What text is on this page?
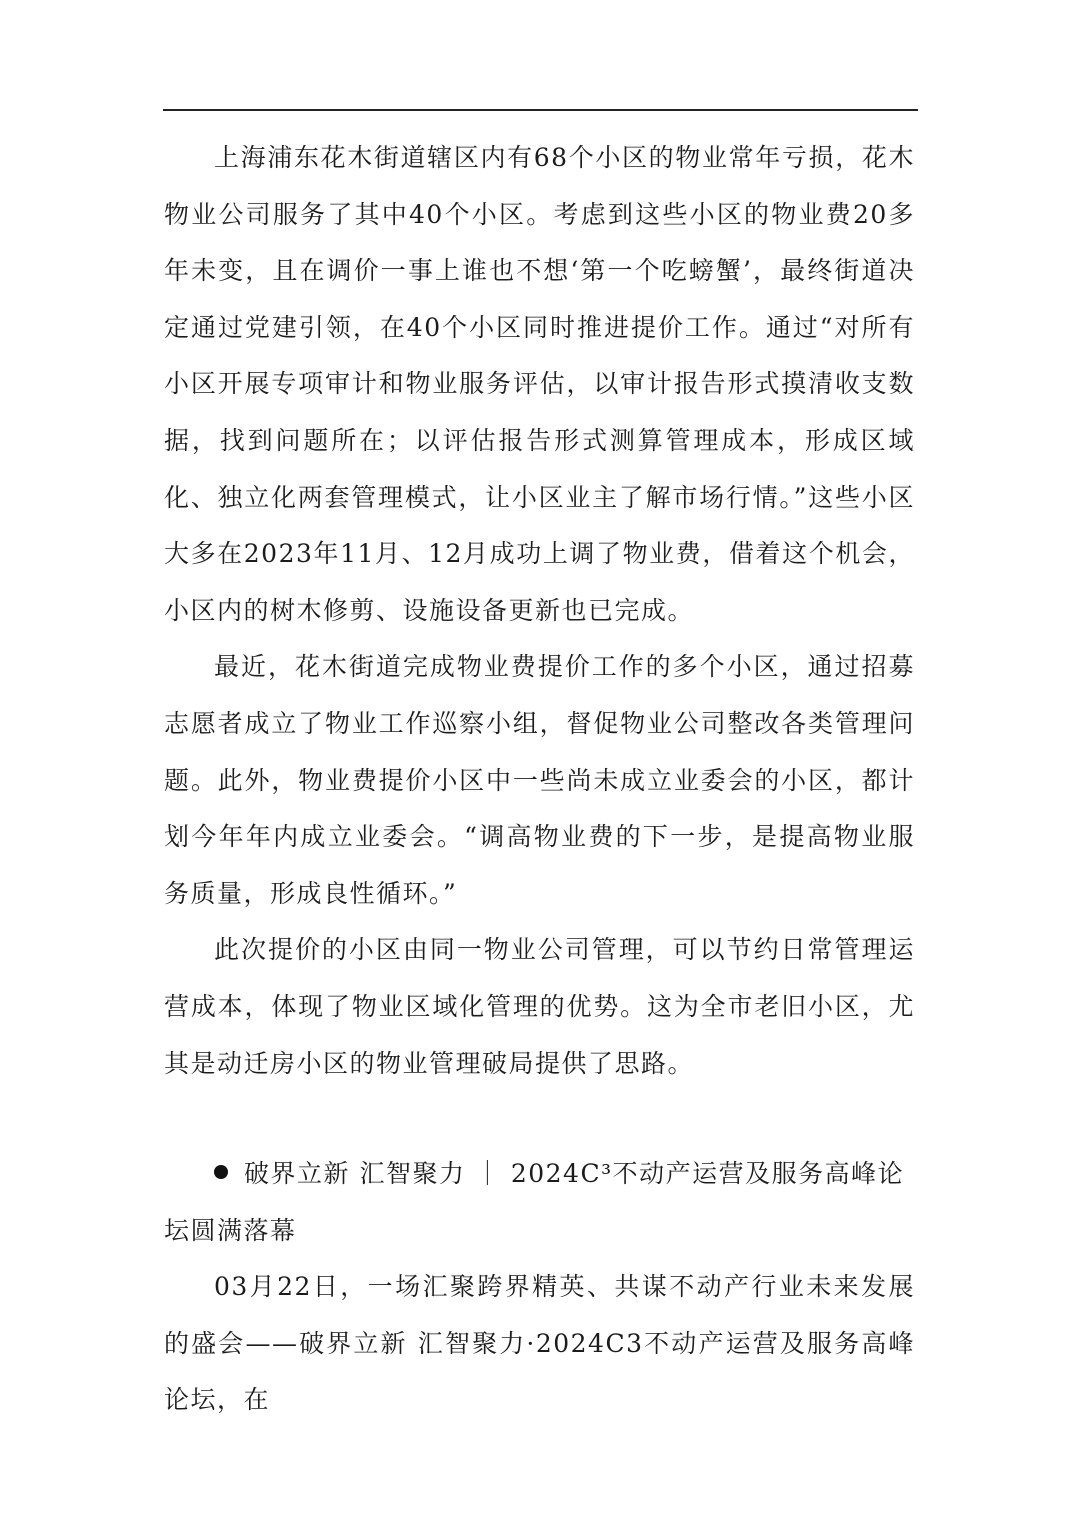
上海浦东花木街道辖区内有68个小区的物业常年亏损，花木物业公司服务了其中40个小区。考虑到这些小区的物业费20多年未变，且在调价一事上谁也不想‘第一个吃螃蟹’，最终街道决定通过党建引领，在40个小区同时推进提价工作。通过“对所有小区开展专项审计和物业服务评估，以审计报告形式摸清收支数据，找到问题所在；以评估报告形式测算管理成本，形成区域化、独立化两套管理模式，让小区业主了解市场行情。”这些小区大多在2023年11月、12月成功上调了物业费，借着这个机会，小区内的树木修剪、设施设备更新也已完成。

最近，花木街道完成物业费提价工作的多个小区，通过招募志愿者成立了物业工作巡察小组，督促物业公司整改各类管理问题。此外，物业费提价小区中一些尚未成立业委会的小区，都计划今年年内成立业委会。“调高物业费的下一步，是提高物业服务质量，形成良性循环。”

此次提价的小区由同一物业公司管理，可以节约日常管理运营成本，体现了物业区域化管理的优势。这为全市老旧小区，尤其是动迁房小区的物业管理破局提供了思路。

破界立新 汇智聚力 ｜ 2024C³不动产运营及服务高峰论坛圆满落幕

03月22日，一场汇聚跨界精英、共谋不动产行业未来发展的盛会——破界立新 汇智聚力·2024C3不动产运营及服务高峰论坛，在
